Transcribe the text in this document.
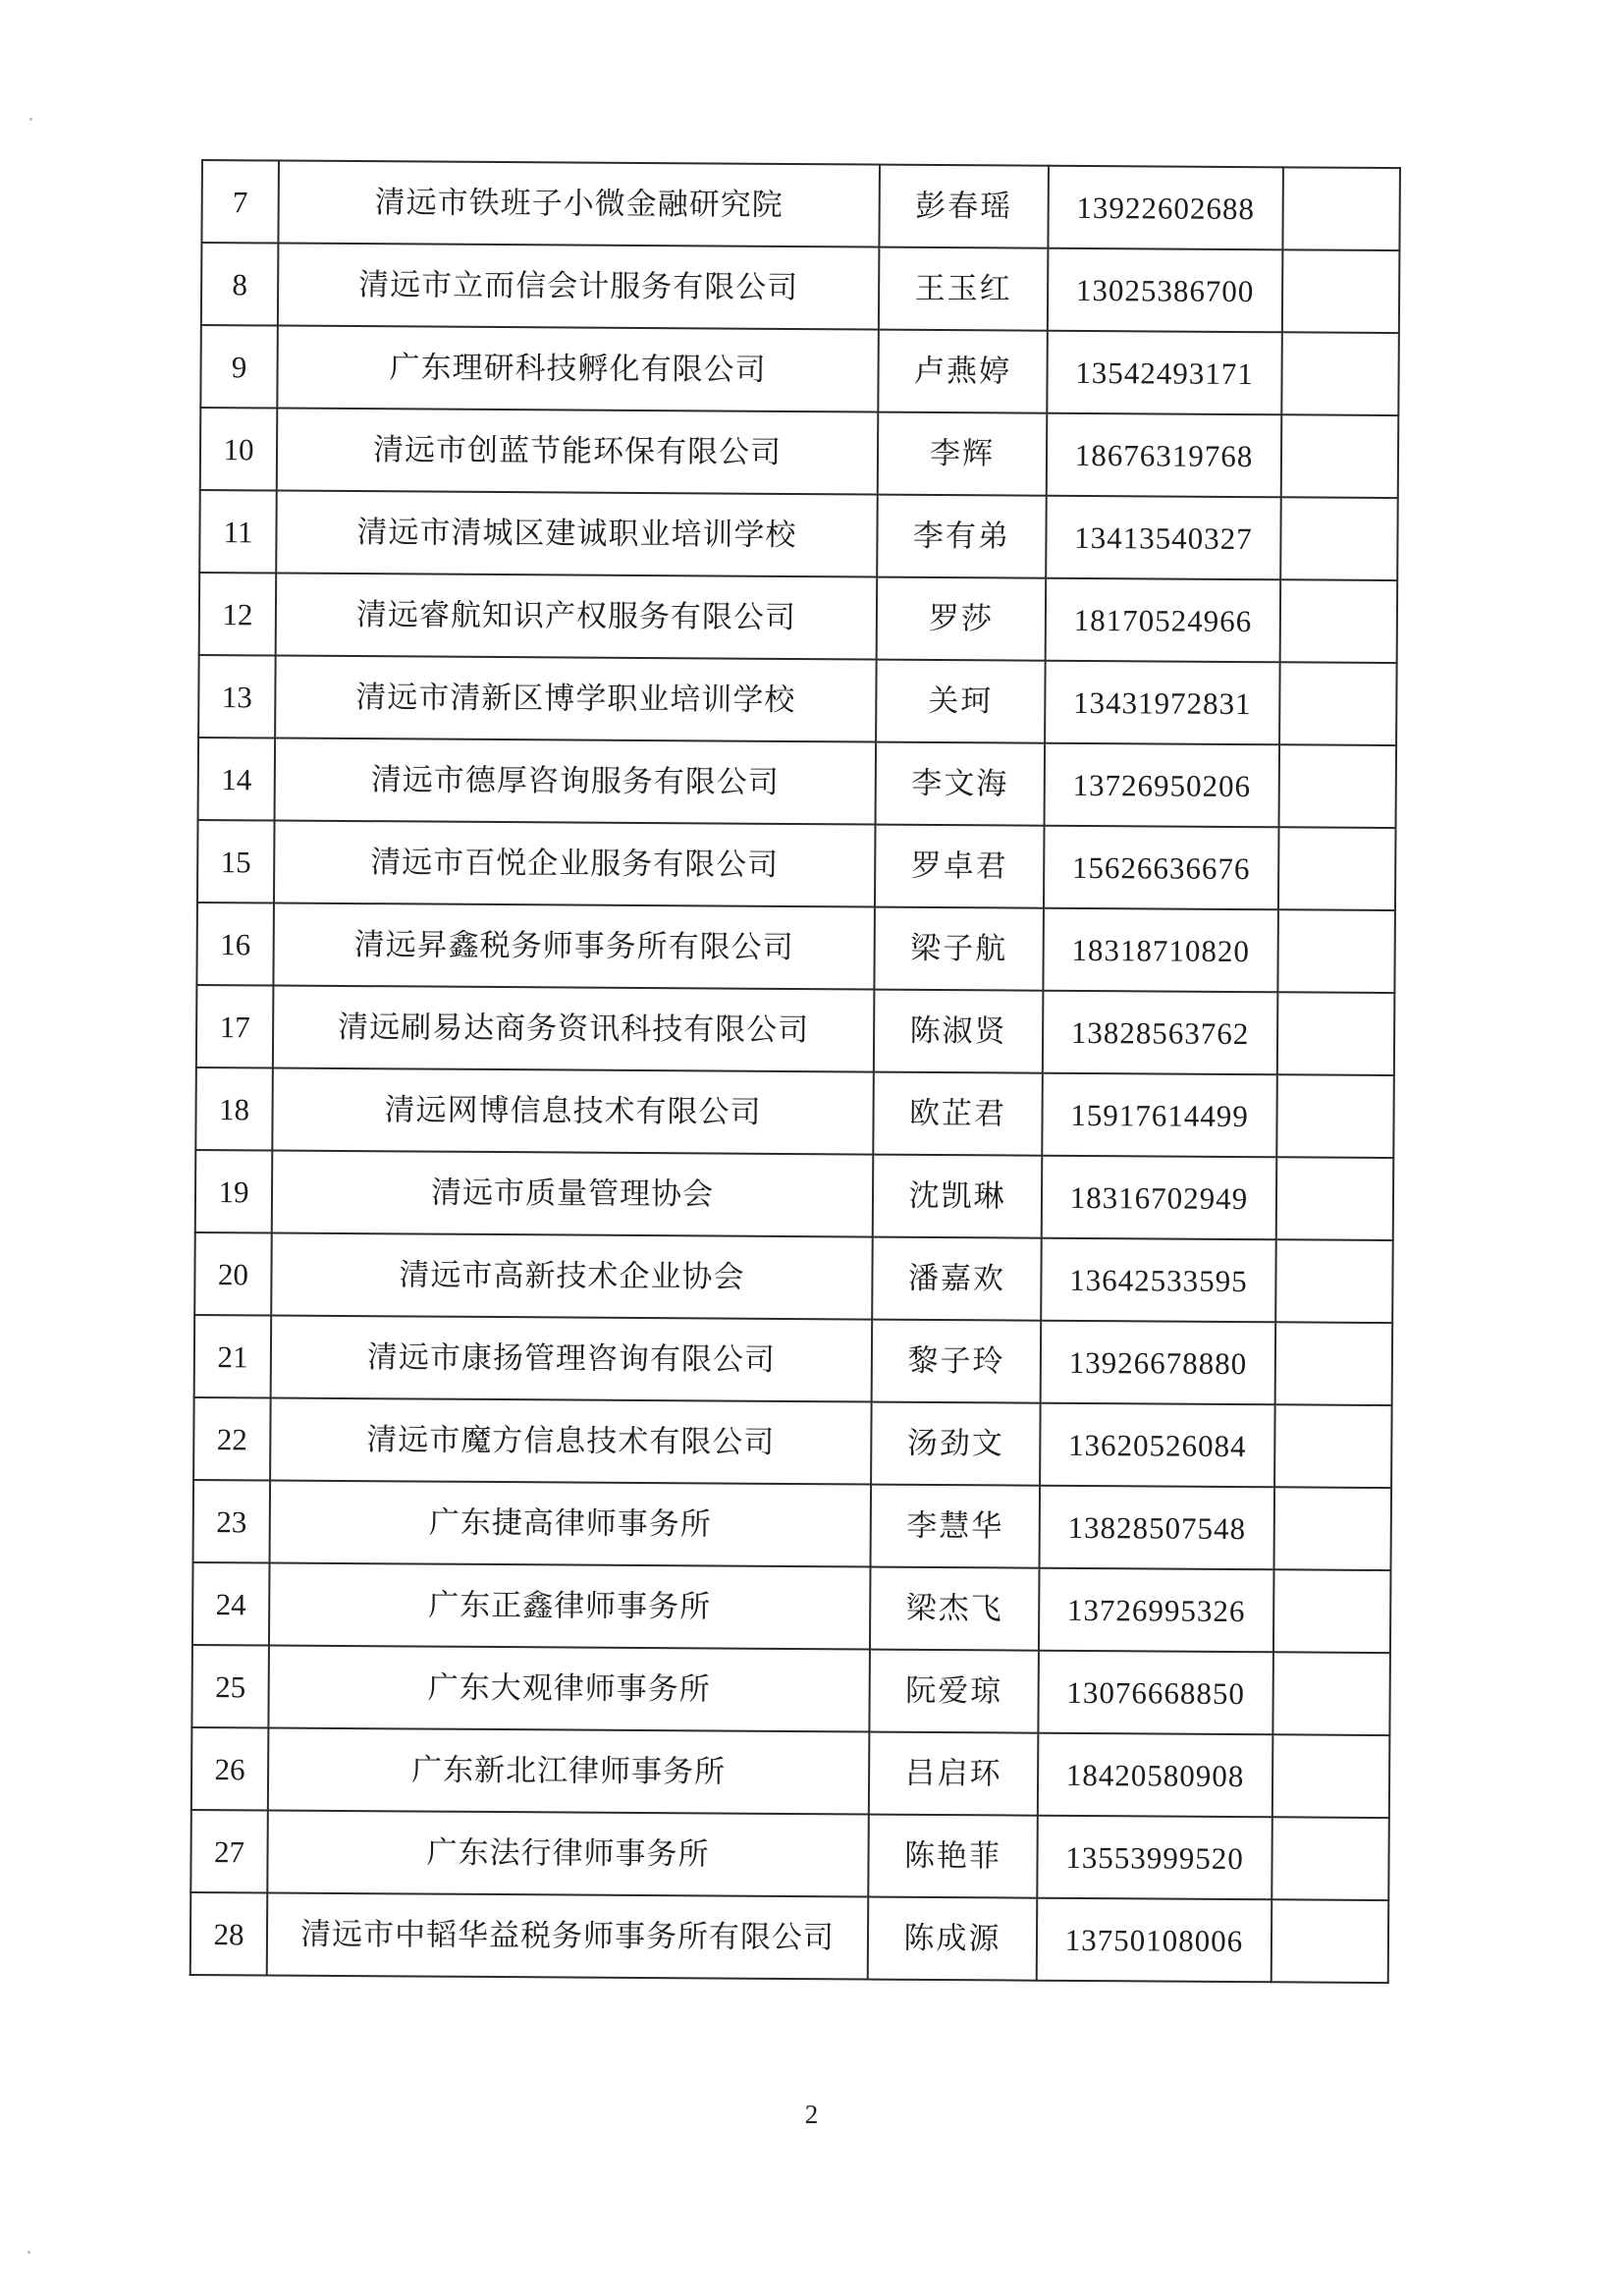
7	清远市铁班子小微金融研究院	彭春瑶	13922602688	
8	清远市立而信会计服务有限公司	王玉红	13025386700	
9	广东理研科技孵化有限公司	卢燕婷	13542493171	
10	清远市创蓝节能环保有限公司	李辉	18676319768	
11	清远市清城区建诚职业培训学校	李有弟	13413540327	
12	清远睿航知识产权服务有限公司	罗莎	18170524966	
13	清远市清新区博学职业培训学校	关珂	13431972831	
14	清远市德厚咨询服务有限公司	李文海	13726950206	
15	清远市百悦企业服务有限公司	罗卓君	15626636676	
16	清远昇鑫税务师事务所有限公司	梁子航	18318710820	
17	清远刷易达商务资讯科技有限公司	陈淑贤	13828563762	
18	清远网博信息技术有限公司	欧芷君	15917614499	
19	清远市质量管理协会	沈凯琳	18316702949	
20	清远市高新技术企业协会	潘嘉欢	13642533595	
21	清远市康扬管理咨询有限公司	黎子玲	13926678880	
22	清远市魔方信息技术有限公司	汤劲文	13620526084	
23	广东捷高律师事务所	李慧华	13828507548	
24	广东正鑫律师事务所	梁杰飞	13726995326	
25	广东大观律师事务所	阮爱琼	13076668850	
26	广东新北江律师事务所	吕启环	18420580908	
27	广东法行律师事务所	陈艳菲	13553999520	
28	清远市中韬华益税务师事务所有限公司	陈成源	13750108006	
2
